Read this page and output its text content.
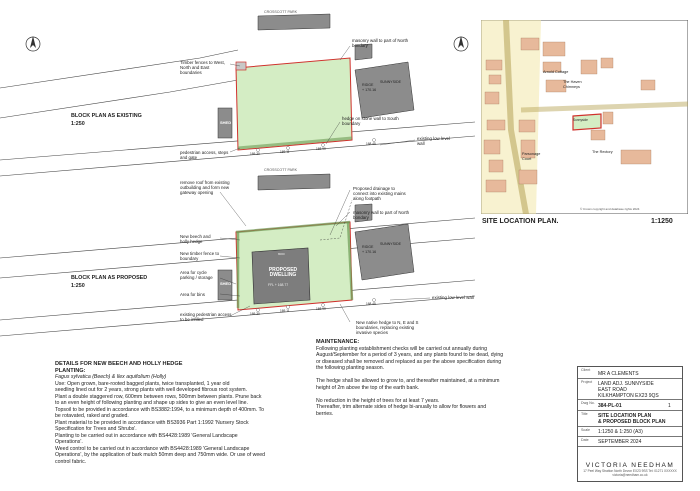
BLOCK PLAN AS EXISTING
1:250
BLOCK PLAN AS PROPOSED
1:250
CROSSCOTT PARK
CROSSCOTT PARK
RIDGE
SUNNYSIDE
+ 170.16
RIDGE
SUNNYSIDE
+ 170.16
SHED
SHED
PROPOSED DWELLING
FFL + 168.77
8000
masonry wall to part of North bondary
Timber fences to West, North and East boundaries
hedge on stone wall to South boundary
pedestrian access, steps and gate
existing low level wall
remove roof from existing outbuilding and form new gateway opening
Proposed drainage to connect into existing mains along footpath
masonry wall to part of North bondary
New beech and holly hedge
New timber fence to boundary
Area for cycle parking / storage
Area for bins
existing low level wall
existing pedestrian access to be infilled
New native hedge to N, E and S boundaries, replacing existing invasive species
169.30	169.11
168.90
168.45
169.30
169.11	168.90
168.45
Arnold Cottage
The Haven Chimneys
Parsonage Court
The Rectory
Sunnyside
© Crown copyright and database rights 2024
SITE LOCATION PLAN.	1:1250
DETAILS FOR NEW BEECH AND HOLLY HEDGE
PLANTING:
Fagus sylvatica (Beech) & Ilex aquifolium (Holly)
Use: Open grown, bare-rooted bagged plants, twice transplanted, 1 year old
seedling lined out for 2 years, strong plants with well developed fibrous root system.
Plant a double staggered row, 600mm between rows, 500mm between plants. Prune back
to an even height of following planting and shape up sides to give an even level line.
Topsoil to be provided in accordance with BS3882:1994, to a minimum depth of 400mm. To
be rotavated, raked and graded.
Plant material to be provided in accordance with BS3936 Part 1:1992 'Nursery Stock
Specification for Trees and Shrubs'.
Planting to be carried out in accordance with BS4428:1989 'General Landscape
Operations'.
Weed control to be carried out in accordance with BS4428:1989 'General Landscape
Operations', by the application of bark mulch 50mm deep and 750mm wide. Or use of weed
control fabric.
MAINTENANCE:
Following planting establishment checks will be carried out annually during
August/September for a period of 3 years, and any plants found to be dead, dying
or diseased shall be removed and replaced as per the above specification during
the following planting season.
The hedge shall be allowed to grow to, and thereafter maintained, at a minimum
height of 2m above the top of the earth bank.
No reduction in the height of trees for at least 7 years.
Thereafter, trim alternate sides of hedge bi-anually to allow for flowers and
berries.
Client
MR A CLEMENTS
Project LAND ADJ. SUNNYSIDE
EAST ROAD
KILKHAMPTON EX23 9QS
Dwg No. 384-PL-01	1
Title SITE LOCATION PLAN
& PROPOSED BLOCK PLAN
Scale 1:1250 & 1:250 (A3)
Date SEPTEMBER 2024
VICTORIA NEEDHAM
17 Peel Way Stratton North Devon EX23 9SS Tel: 01271 XXXXXX victoria@needham.co.uk
